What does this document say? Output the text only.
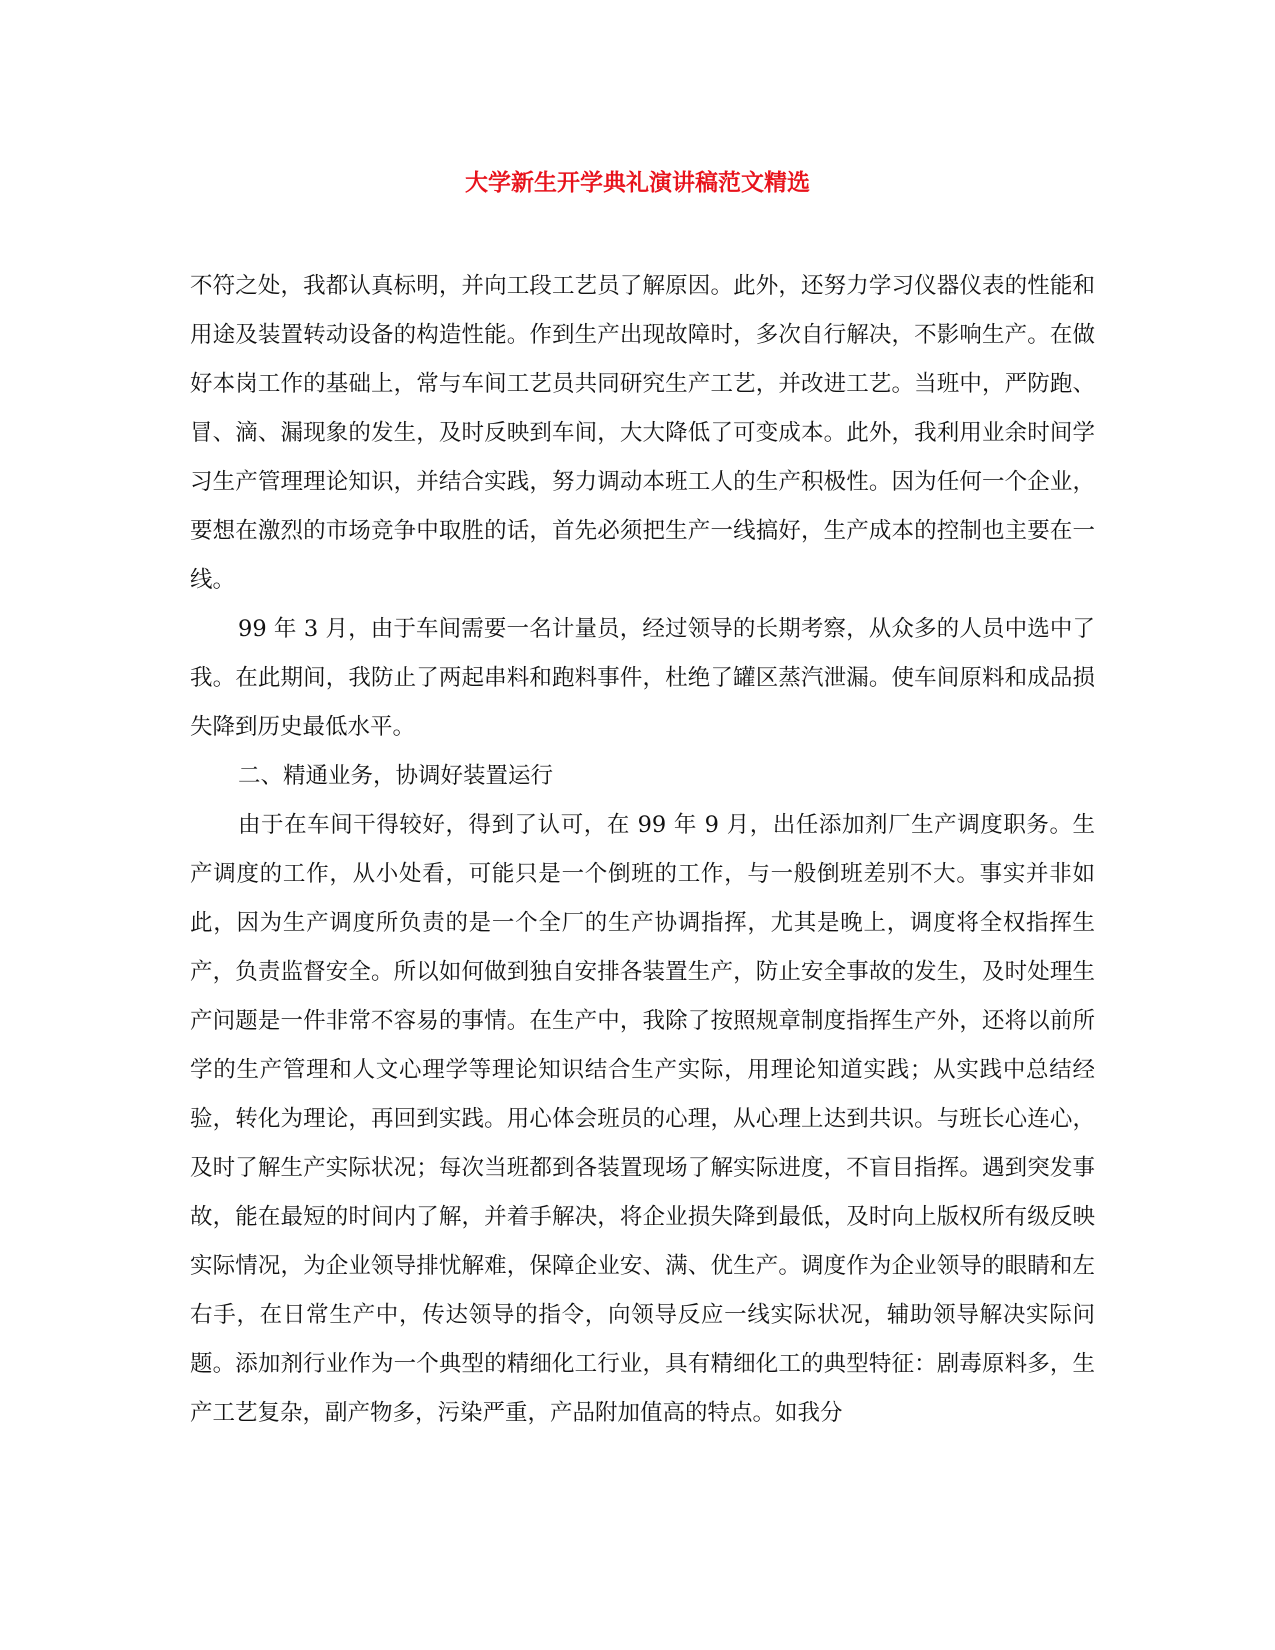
大学新生开学典礼演讲稿范文精选

不符之处，我都认真标明，并向工段工艺员了解原因。此外，还努力学习仪器仪表的性能和用途及装置转动设备的构造性能。作到生产出现故障时，多次自行解决，不影响生产。在做好本岗工作的基础上，常与车间工艺员共同研究生产工艺，并改进工艺。当班中，严防跑、冒、滴、漏现象的发生，及时反映到车间，大大降低了可变成本。此外，我利用业余时间学习生产管理理论知识，并结合实践，努力调动本班工人的生产积极性。因为任何一个企业，要想在激烈的市场竞争中取胜的话，首先必须把生产一线搞好，生产成本的控制也主要在一线。

99 年 3 月，由于车间需要一名计量员，经过领导的长期考察，从众多的人员中选中了我。在此期间，我防止了两起串料和跑料事件，杜绝了罐区蒸汽泄漏。使车间原料和成品损失降到历史最低水平。

二、精通业务，协调好装置运行

由于在车间干得较好，得到了认可，在 99 年 9 月，出任添加剂厂生产调度职务。生产调度的工作，从小处看，可能只是一个倒班的工作，与一般倒班差别不大。事实并非如此，因为生产调度所负责的是一个全厂的生产协调指挥，尤其是晚上，调度将全权指挥生产，负责监督安全。所以如何做到独自安排各装置生产，防止安全事故的发生，及时处理生产问题是一件非常不容易的事情。在生产中，我除了按照规章制度指挥生产外，还将以前所学的生产管理和人文心理学等理论知识结合生产实际，用理论知道实践；从实践中总结经验，转化为理论，再回到实践。用心体会班员的心理，从心理上达到共识。与班长心连心，及时了解生产实际状况；每次当班都到各装置现场了解实际进度，不盲目指挥。遇到突发事故，能在最短的时间内了解，并着手解决，将企业损失降到最低，及时向上版权所有级反映实际情况，为企业领导排忧解难，保障企业安、满、优生产。调度作为企业领导的眼睛和左右手，在日常生产中，传达领导的指令，向领导反应一线实际状况，辅助领导解决实际问题。添加剂行业作为一个典型的精细化工行业，具有精细化工的典型特征：剧毒原料多，生产工艺复杂，副产物多，污染严重，产品附加值高的特点。如我分
